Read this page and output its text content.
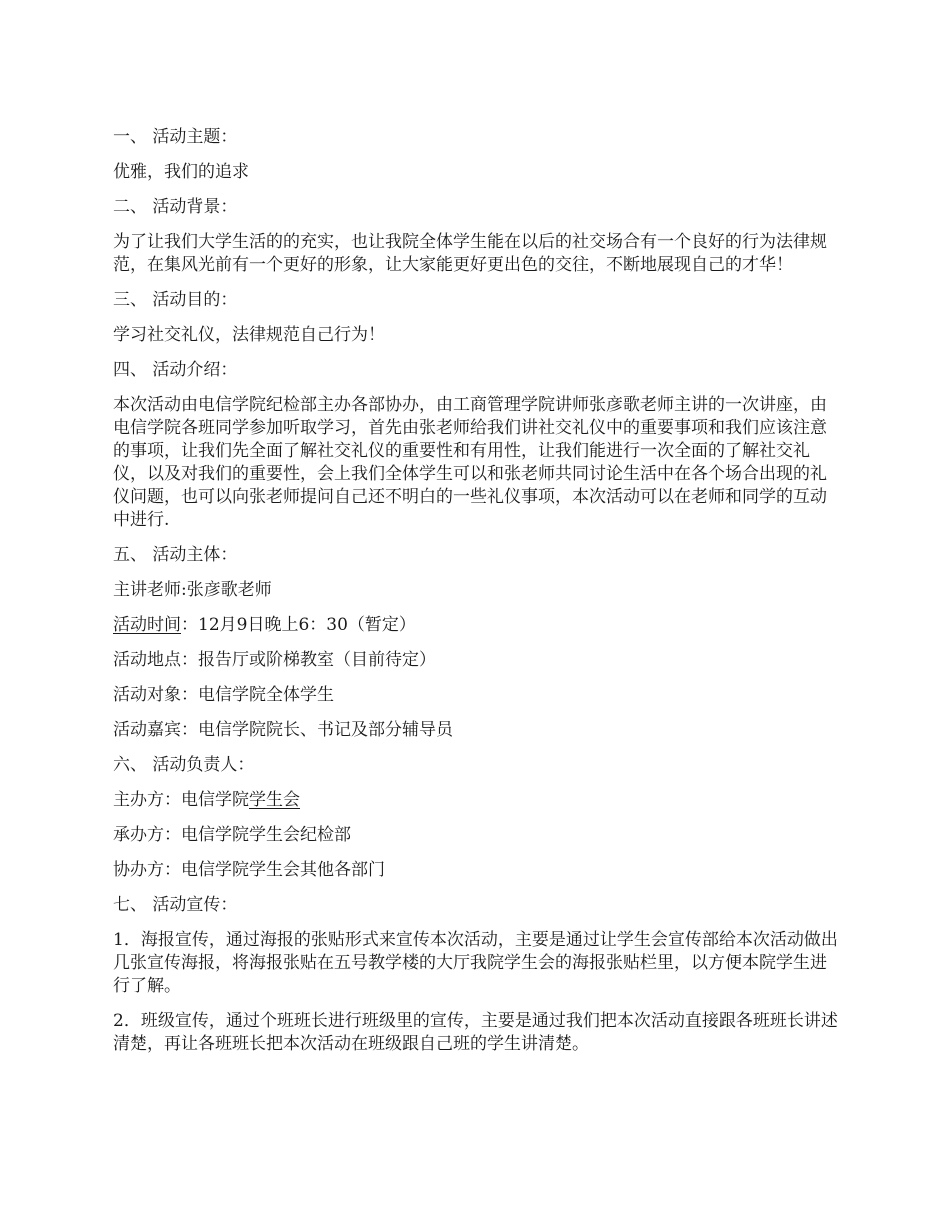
一、 活动主题：

优雅，我们的追求

二、 活动背景：

为了让我们大学生活的的充实，也让我院全体学生能在以后的社交场合有一个良好的行为法律规范，在集风光前有一个更好的形象，让大家能更好更出色的交往，不断地展现自己的才华！

三、 活动目的：

学习社交礼仪，法律规范自己行为！

四、 活动介绍：

本次活动由电信学院纪检部主办各部协办，由工商管理学院讲师张彦歌老师主讲的一次讲座，由电信学院各班同学参加听取学习，首先由张老师给我们讲社交礼仪中的重要事项和我们应该注意的事项，让我们先全面了解社交礼仪的重要性和有用性，让我们能进行一次全面的了解社交礼仪，以及对我们的重要性，会上我们全体学生可以和张老师共同讨论生活中在各个场合出现的礼仪问题，也可以向张老师提问自己还不明白的一些礼仪事项，本次活动可以在老师和同学的互动中进行.

五、 活动主体：

主讲老师:张彦歌老师

活动时间：12月9日晚上6：30（暂定）

活动地点：报告厅或阶梯教室（目前待定）

活动对象：电信学院全体学生

活动嘉宾：电信学院院长、书记及部分辅导员

六、 活动负责人：

主办方：电信学院学生会

承办方：电信学院学生会纪检部

协办方：电信学院学生会其他各部门

七、 活动宣传：

1．海报宣传，通过海报的张贴形式来宣传本次活动，主要是通过让学生会宣传部给本次活动做出几张宣传海报，将海报张贴在五号教学楼的大厅我院学生会的海报张贴栏里，以方便本院学生进行了解。

2．班级宣传，通过个班班长进行班级里的宣传，主要是通过我们把本次活动直接跟各班班长讲述清楚，再让各班班长把本次活动在班级跟自己班的学生讲清楚。
